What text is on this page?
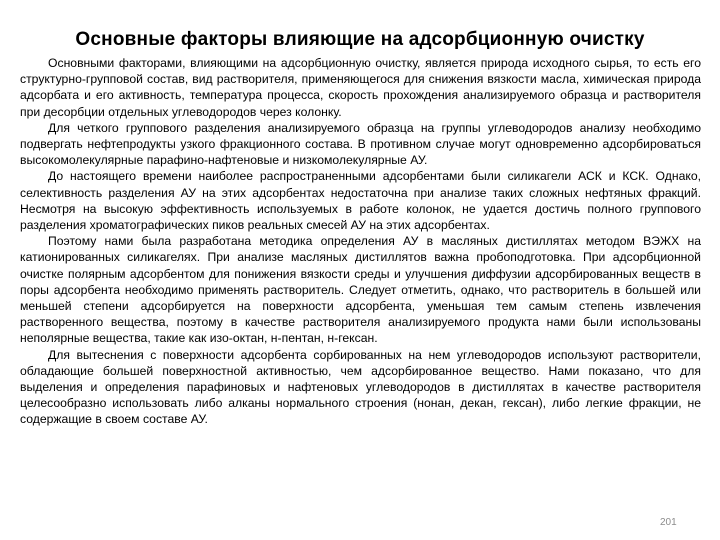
Основные факторы влияющие на адсорбционную очистку

Основными факторами, влияющими на адсорбционную очистку, является природа исходного сырья, то есть его структурно-групповой состав, вид растворителя, применяющегося для снижения вязкости масла, химическая природа адсорбата и его активность, температура процесса, скорость прохождения анализируемого образца и растворителя при десорбции отдельных углеводородов через колонку.

Для четкого группового разделения анализируемого образца на группы углеводородов анализу необходимо подвергать нефтепродукты узкого фракционного состава. В противном случае могут одновременно адсорбироваться высокомолекулярные парафино-нафтеновые и низкомолекулярные АУ.

До настоящего времени наиболее распространенными адсорбентами были силикагели АСК и КСК. Однако, селективность разделения АУ на этих адсорбентах недостаточна при анализе таких сложных нефтяных фракций. Несмотря на высокую эффективность используемых в работе колонок, не удается достичь полного группового разделения хроматографических пиков реальных смесей АУ на этих адсорбентах.

Поэтому нами была разработана методика определения АУ в масляных дистиллятах методом ВЭЖХ на катионированных силикагелях. При анализе масляных дистиллятов важна пробоподготовка. При адсорбционной очистке полярным адсорбентом для понижения вязкости среды и улучшения диффузии адсорбированных веществ в поры адсорбента необходимо применять растворитель. Следует отметить, однако, что растворитель в большей или меньшей степени адсорбируется на поверхности адсорбента, уменьшая тем самым степень извлечения растворенного вещества, поэтому в качестве растворителя анализируемого продукта нами были использованы неполярные вещества, такие как изо-октан, н-пентан, н-гексан.

Для вытеснения с поверхности адсорбента сорбированных на нем углеводородов используют растворители, обладающие большей поверхностной активностью, чем адсорбированное вещество. Нами показано, что для выделения и определения парафиновых и нафтеновых углеводородов в дистиллятах в качестве растворителя целесообразно использовать либо алканы нормального строения (нонан, декан, гексан), либо легкие фракции, не содержащие в своем составе АУ.

201
